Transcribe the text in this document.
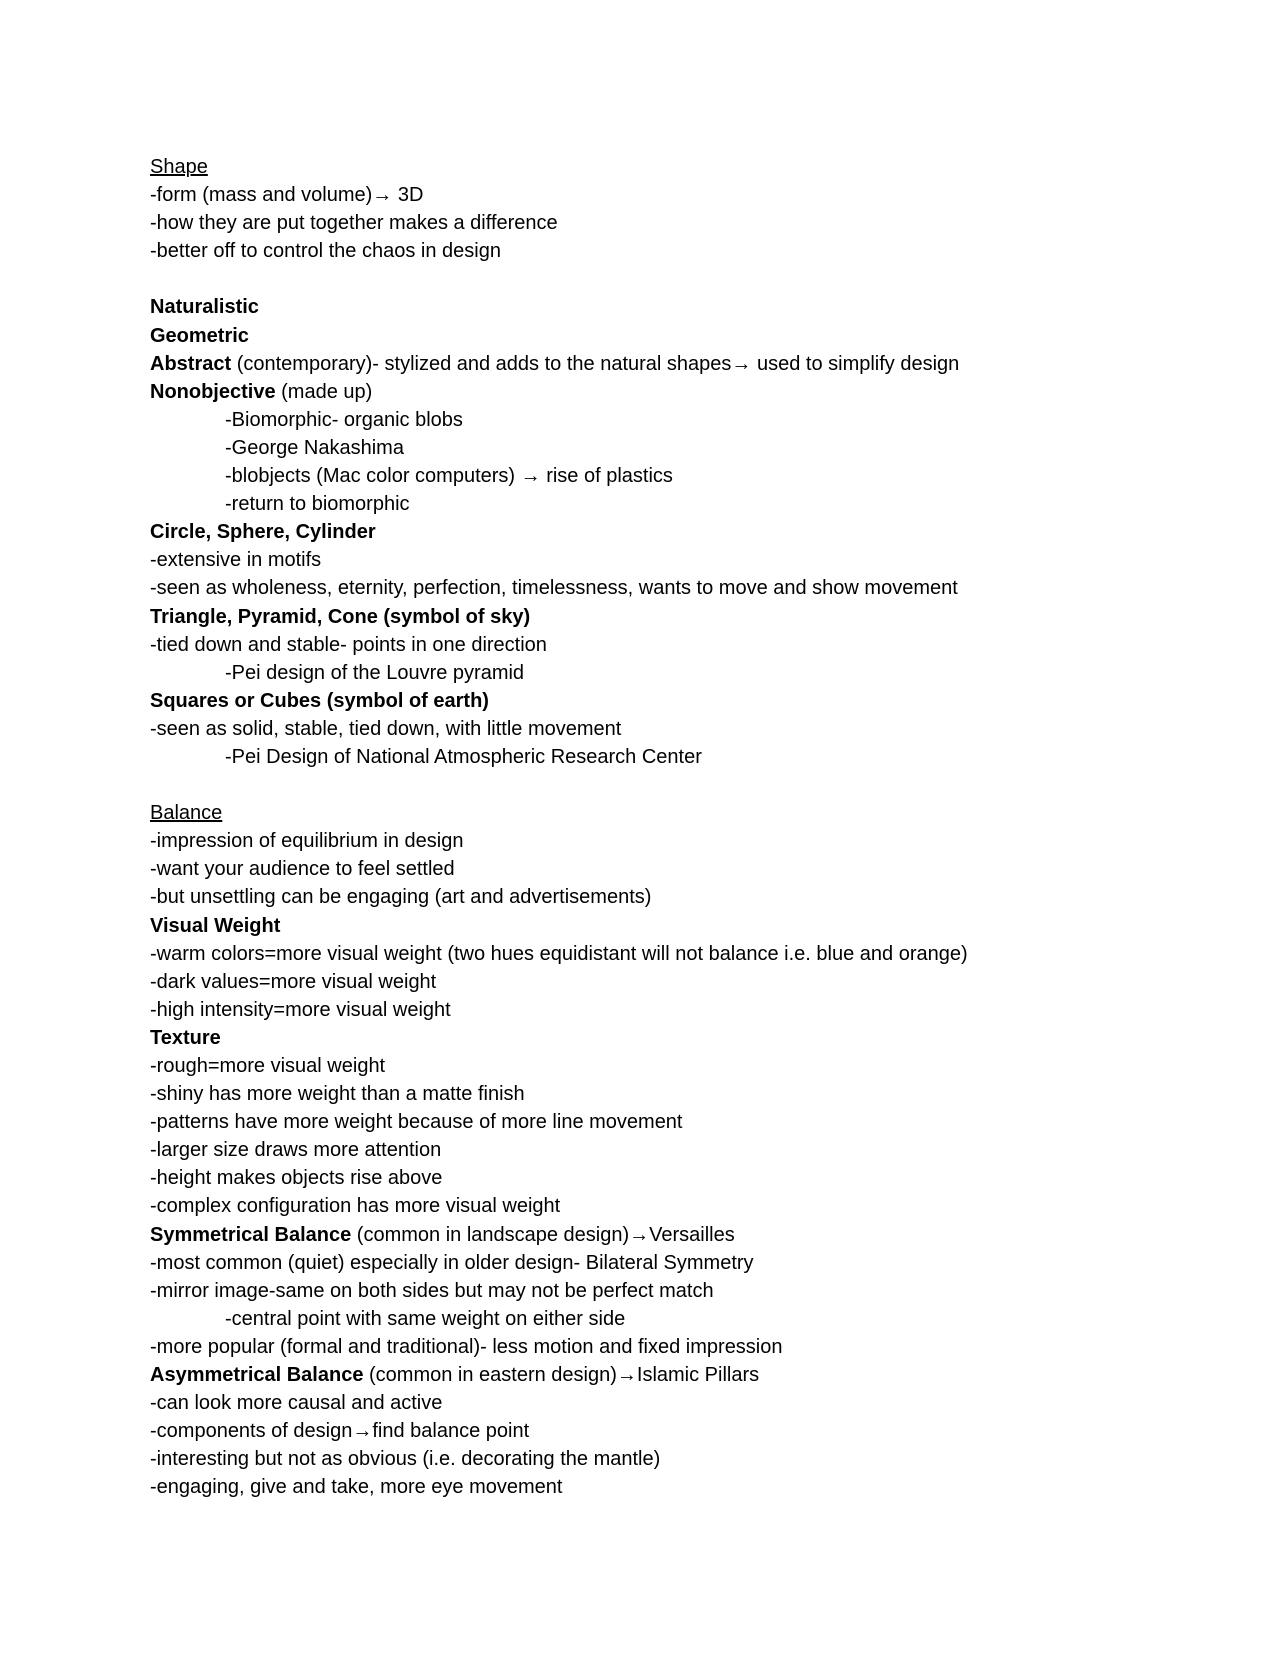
Shape
-form (mass and volume)→ 3D
-how they are put together makes a difference
-better off to control the chaos in design
Naturalistic
Geometric
Abstract (contemporary)- stylized and adds to the natural shapes→ used to simplify design
Nonobjective (made up)
-Biomorphic- organic blobs
-George Nakashima
-blobjects (Mac color computers) → rise of plastics
-return to biomorphic
Circle, Sphere, Cylinder
-extensive in motifs
-seen as wholeness, eternity, perfection, timelessness, wants to move and show movement
Triangle, Pyramid, Cone (symbol of sky)
-tied down and stable- points in one direction
-Pei design of the Louvre pyramid
Squares or Cubes (symbol of earth)
-seen as solid, stable, tied down, with little movement
-Pei Design of National Atmospheric Research Center
Balance
-impression of equilibrium in design
-want your audience to feel settled
-but unsettling can be engaging (art and advertisements)
Visual Weight
-warm colors=more visual weight (two hues equidistant will not balance i.e. blue and orange)
-dark values=more visual weight
-high intensity=more visual weight
Texture
-rough=more visual weight
-shiny has more weight than a matte finish
-patterns have more weight because of more line movement
-larger size draws more attention
-height makes objects rise above
-complex configuration has more visual weight
Symmetrical Balance (common in landscape design)→Versailles
-most common (quiet) especially in older design- Bilateral Symmetry
-mirror image-same on both sides but may not be perfect match
-central point with same weight on either side
-more popular (formal and traditional)- less motion and fixed impression
Asymmetrical Balance (common in eastern design)→Islamic Pillars
-can look more causal and active
-components of design→find balance point
-interesting but not as obvious (i.e. decorating the mantle)
-engaging, give and take, more eye movement
